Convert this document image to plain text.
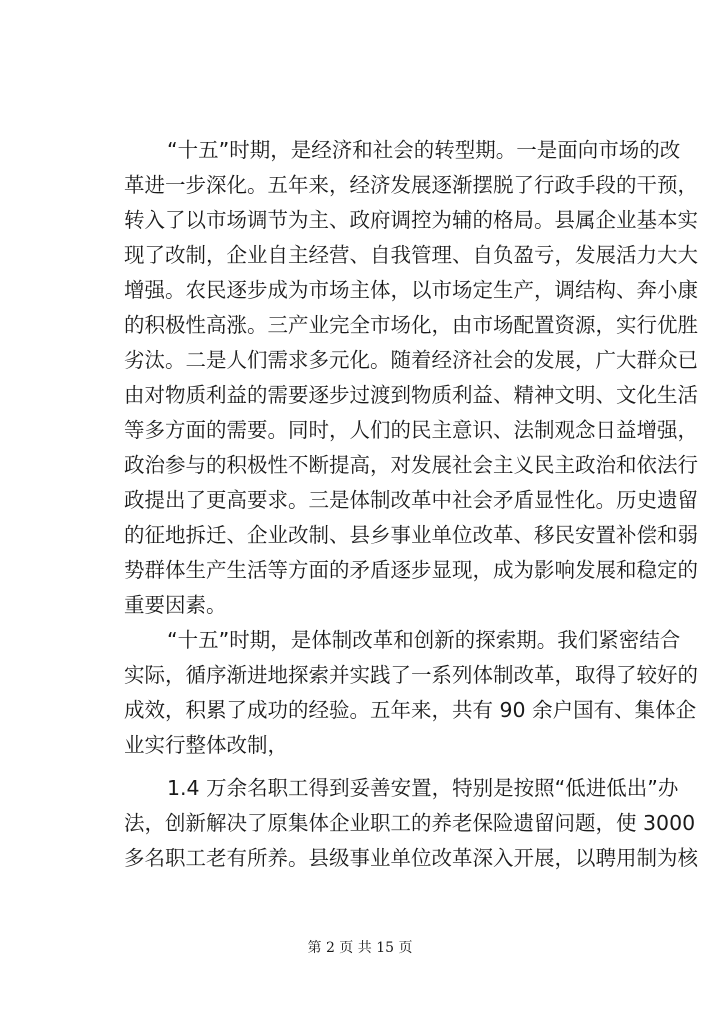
“十五”时期，是经济和社会的转型期。一是面向市场的改
革进一步深化。五年来，经济发展逐渐摆脱了行政手段的干预，
转入了以市场调节为主、政府调控为辅的格局。县属企业基本实
现了改制，企业自主经营、自我管理、自负盈亏，发展活力大大
增强。农民逐步成为市场主体，以市场定生产，调结构、奔小康
的积极性高涨。三产业完全市场化，由市场配置资源，实行优胜
劣汰。二是人们需求多元化。随着经济社会的发展，广大群众已
由对物质利益的需要逐步过渡到物质利益、精神文明、文化生活
等多方面的需要。同时，人们的民主意识、法制观念日益增强，
政治参与的积极性不断提高，对发展社会主义民主政治和依法行
政提出了更高要求。三是体制改革中社会矛盾显性化。历史遗留
的征地拆迁、企业改制、县乡事业单位改革、移民安置补偿和弱
势群体生产生活等方面的矛盾逐步显现，成为影响发展和稳定的
重要因素。
“十五”时期，是体制改革和创新的探索期。我们紧密结合
实际，循序渐进地探索并实践了一系列体制改革，取得了较好的
成效，积累了成功的经验。五年来，共有 90 余户国有、集体企
业实行整体改制，
1.4 万余名职工得到妥善安置，特别是按照“低进低出”办
法，创新解决了原集体企业职工的养老保险遗留问题，使 3000
多名职工老有所养。县级事业单位改革深入开展，以聘用制为核
第 2 页 共 15 页
